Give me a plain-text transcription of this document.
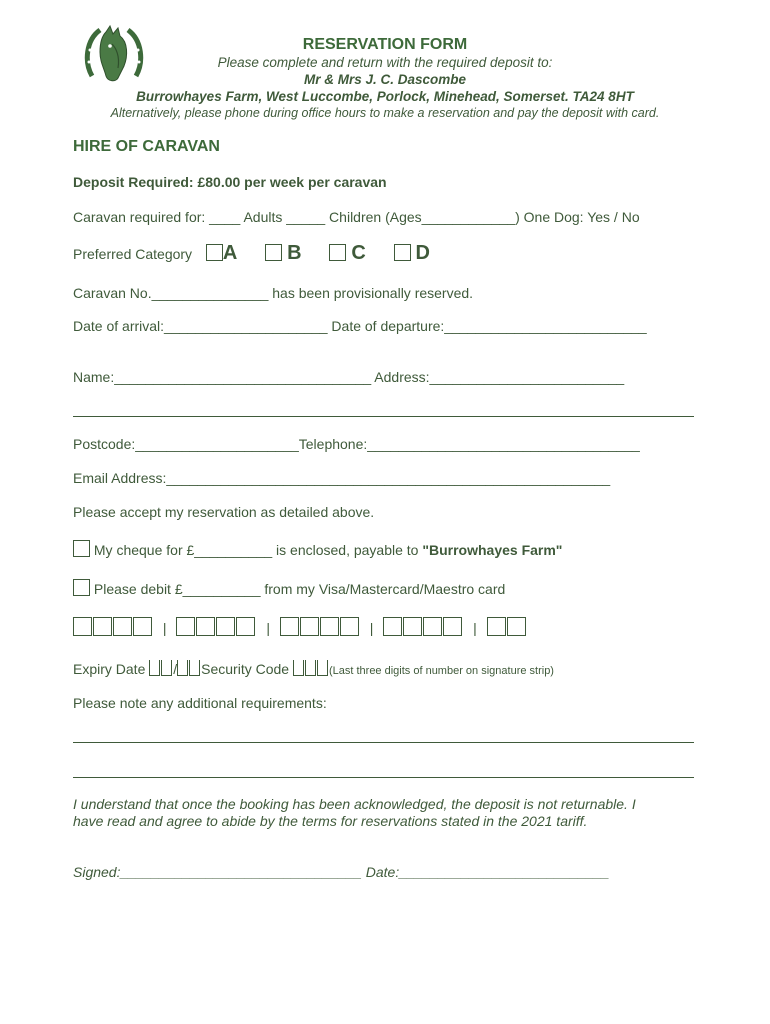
RESERVATION FORM
Please complete and return with the required deposit to:
Mr & Mrs J. C. Dascombe
Burrowhayes Farm, West Luccombe, Porlock, Minehead, Somerset. TA24 8HT
Alternatively, please phone during office hours to make a reservation and pay the deposit with card.
HIRE OF CARAVAN
Deposit Required: £80.00 per week per caravan
Caravan required for: ____ Adults _____ Children (Ages____________) One Dog: Yes / No
Preferred Category A B C D
Caravan No._______________ has been provisionally reserved.
Date of arrival:_____________________ Date of departure:__________________________
Name:_________________________________ Address:_________________________
Postcode:_____________________Telephone:___________________________________
Email Address:_________________________________________________________
Please accept my reservation as detailed above.
My cheque for £__________ is enclosed, payable to "Burrowhayes Farm"
Please debit £__________ from my Visa/Mastercard/Maestro card
|	|	|	|
Expiry Date / Security Code	(Last three digits of number on signature strip)
Please note any additional requirements:
I understand that once the booking has been acknowledged, the deposit is not returnable. I
have read and agree to abide by the terms for reservations stated in the 2021 tariff.
Signed:_______________________________ Date:___________________________
